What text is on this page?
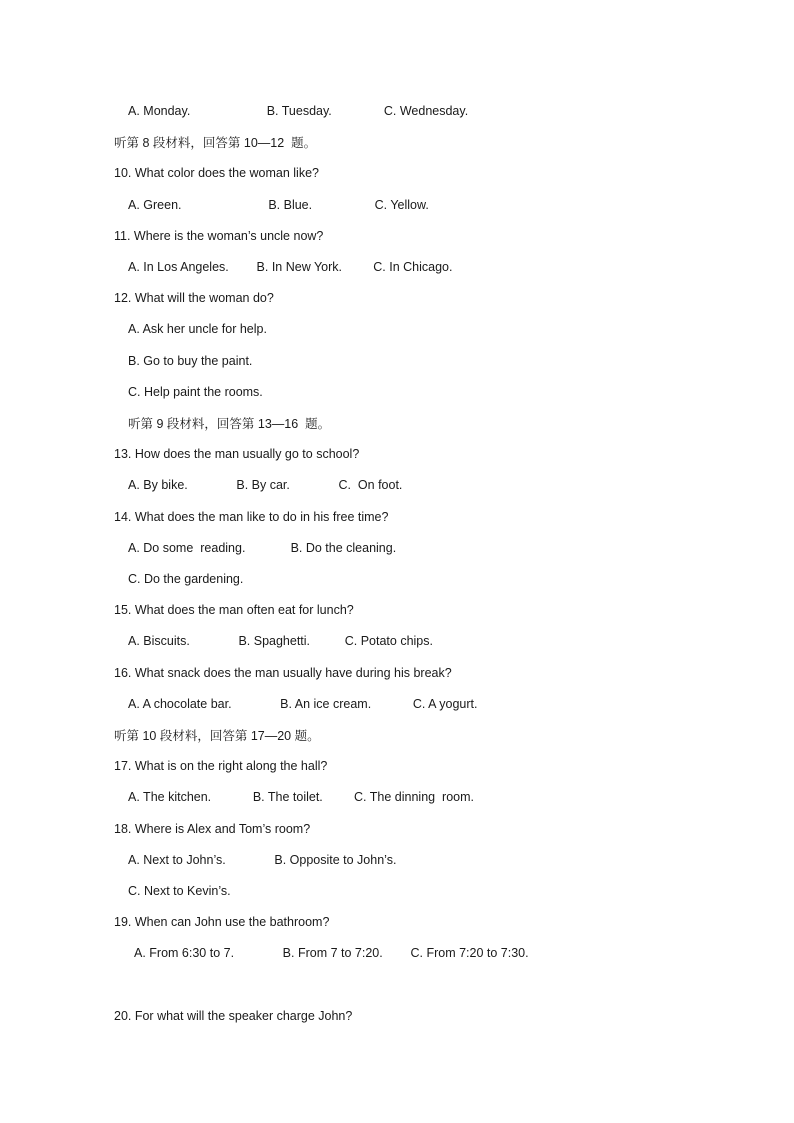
A. Monday.                      B. Tuesday.               C. Wednesday.
听第 8 段材料，回答第 10—12  题。
10. What color does the woman like?
A. Green.                         B. Blue.                  C. Yellow.
11. Where is the woman’s uncle now?
A. In Los Angeles.        B. In New York.         C. In Chicago.
12. What will the woman do?
A. Ask her uncle for help.
B. Go to buy the paint.
C. Help paint the rooms.
听第 9 段材料，回答第 13—16  题。
13. How does the man usually go to school?
A. By bike.              B. By car.              C.  On foot.
14. What does the man like to do in his free time?
A. Do some  reading.             B. Do the cleaning.
C. Do the gardening.
15. What does the man often eat for lunch?
A. Biscuits.              B. Spaghetti.          C. Potato chips.
16. What snack does the man usually have during his break?
A. A chocolate bar.              B. An ice cream.            C. A yogurt.
听第 10 段材料，回答第 17—20 题。
17. What is on the right along the hall?
A. The kitchen.            B. The toilet.         C. The dinning  room.
18. Where is Alex and Tom’s room?
A. Next to John’s.              B. Opposite to John’s.
C. Next to Kevin’s.
19. When can John use the bathroom?
A. From 6:30 to 7.              B. From 7 to 7:20.        C. From 7:20 to 7:30.
20. For what will the speaker charge John?
